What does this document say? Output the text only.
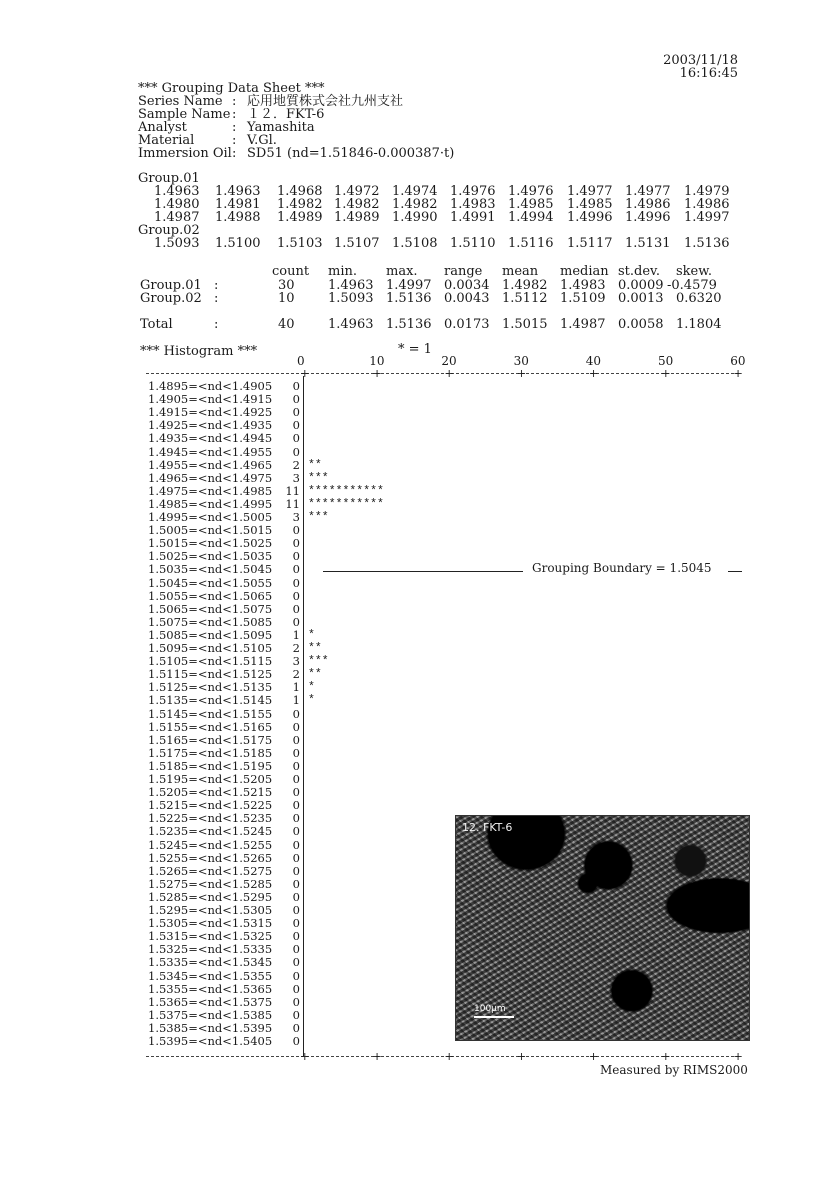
2003/11/18
16:16:45
*** Grouping Data Sheet ***
Series Name : 応用地質株式会社九州支社
Sample Name : １２．FKT-6
Analyst	: Yamashita
Material	: V.Gl.
Immersion Oil : SD51 (nd=1.51846-0.000387·t)
Group.01
1.4963 1.4963 1.4968 1.4972 1.4974 1.4976 1.4976 1.4977 1.4977 1.4979
1.4980 1.4981 1.4982 1.4982 1.4982 1.4983 1.4985 1.4985 1.4986 1.4986
1.4987 1.4988 1.4989 1.4989 1.4990 1.4991 1.4994 1.4996 1.4996 1.4997
Group.02
1.5093 1.5100 1.5103 1.5107 1.5108 1.5110 1.5116 1.5117 1.5131 1.5136
count min. max. range mean median st.dev. skew.
Group.01 :	30	1.4963 1.4997 0.0034 1.4982 1.4983 0.0009 -0.4579
Group.02 :	10	1.5093 1.5136 0.0043 1.5112 1.5109 0.0013 0.6320
Total	:	40	1.4963 1.5136 0.0173 1.5015 1.4987 0.0058 1.1804
*** Histogram ***	* = 1
0	10	20	30	40	50	60
+
+
+
+
+
+
+
+
+
+
+
+
+
+
1.4895=<nd<1.4905	0
1.4905=<nd<1.4915	0
1.4915=<nd<1.4925	0
1.4925=<nd<1.4935	0
1.4935=<nd<1.4945	0
1.4945=<nd<1.4955	0
1.4955=<nd<1.4965	2 **
1.4965=<nd<1.4975	3 ***
1.4975=<nd<1.4985	11 ***********
1.4985=<nd<1.4995	11 ***********
1.4995=<nd<1.5005	3 ***
1.5005=<nd<1.5015	0
1.5015=<nd<1.5025	0
1.5025=<nd<1.5035	0
1.5035=<nd<1.5045	0
1.5045=<nd<1.5055	0
1.5055=<nd<1.5065	0
1.5065=<nd<1.5075	0
1.5075=<nd<1.5085	0
1.5085=<nd<1.5095	1 *
1.5095=<nd<1.5105	2 **
1.5105=<nd<1.5115	3 ***
1.5115=<nd<1.5125	2 **
1.5125=<nd<1.5135	1 *
1.5135=<nd<1.5145	1 *
1.5145=<nd<1.5155	0
1.5155=<nd<1.5165	0
1.5165=<nd<1.5175	0
1.5175=<nd<1.5185	0
1.5185=<nd<1.5195	0
1.5195=<nd<1.5205	0
1.5205=<nd<1.5215	0
1.5215=<nd<1.5225	0
1.5225=<nd<1.5235	0
1.5235=<nd<1.5245	0
1.5245=<nd<1.5255	0
1.5255=<nd<1.5265	0
1.5265=<nd<1.5275	0
1.5275=<nd<1.5285	0
1.5285=<nd<1.5295	0
1.5295=<nd<1.5305	0
1.5305=<nd<1.5315	0
1.5315=<nd<1.5325	0
1.5325=<nd<1.5335	0
1.5335=<nd<1.5345	0
1.5345=<nd<1.5355	0
1.5355=<nd<1.5365	0
1.5365=<nd<1.5375	0
1.5375=<nd<1.5385	0
1.5385=<nd<1.5395	0
1.5395=<nd<1.5405	0
Grouping Boundary = 1.5045
12. FKT-6
100μm
Measured by RIMS2000
